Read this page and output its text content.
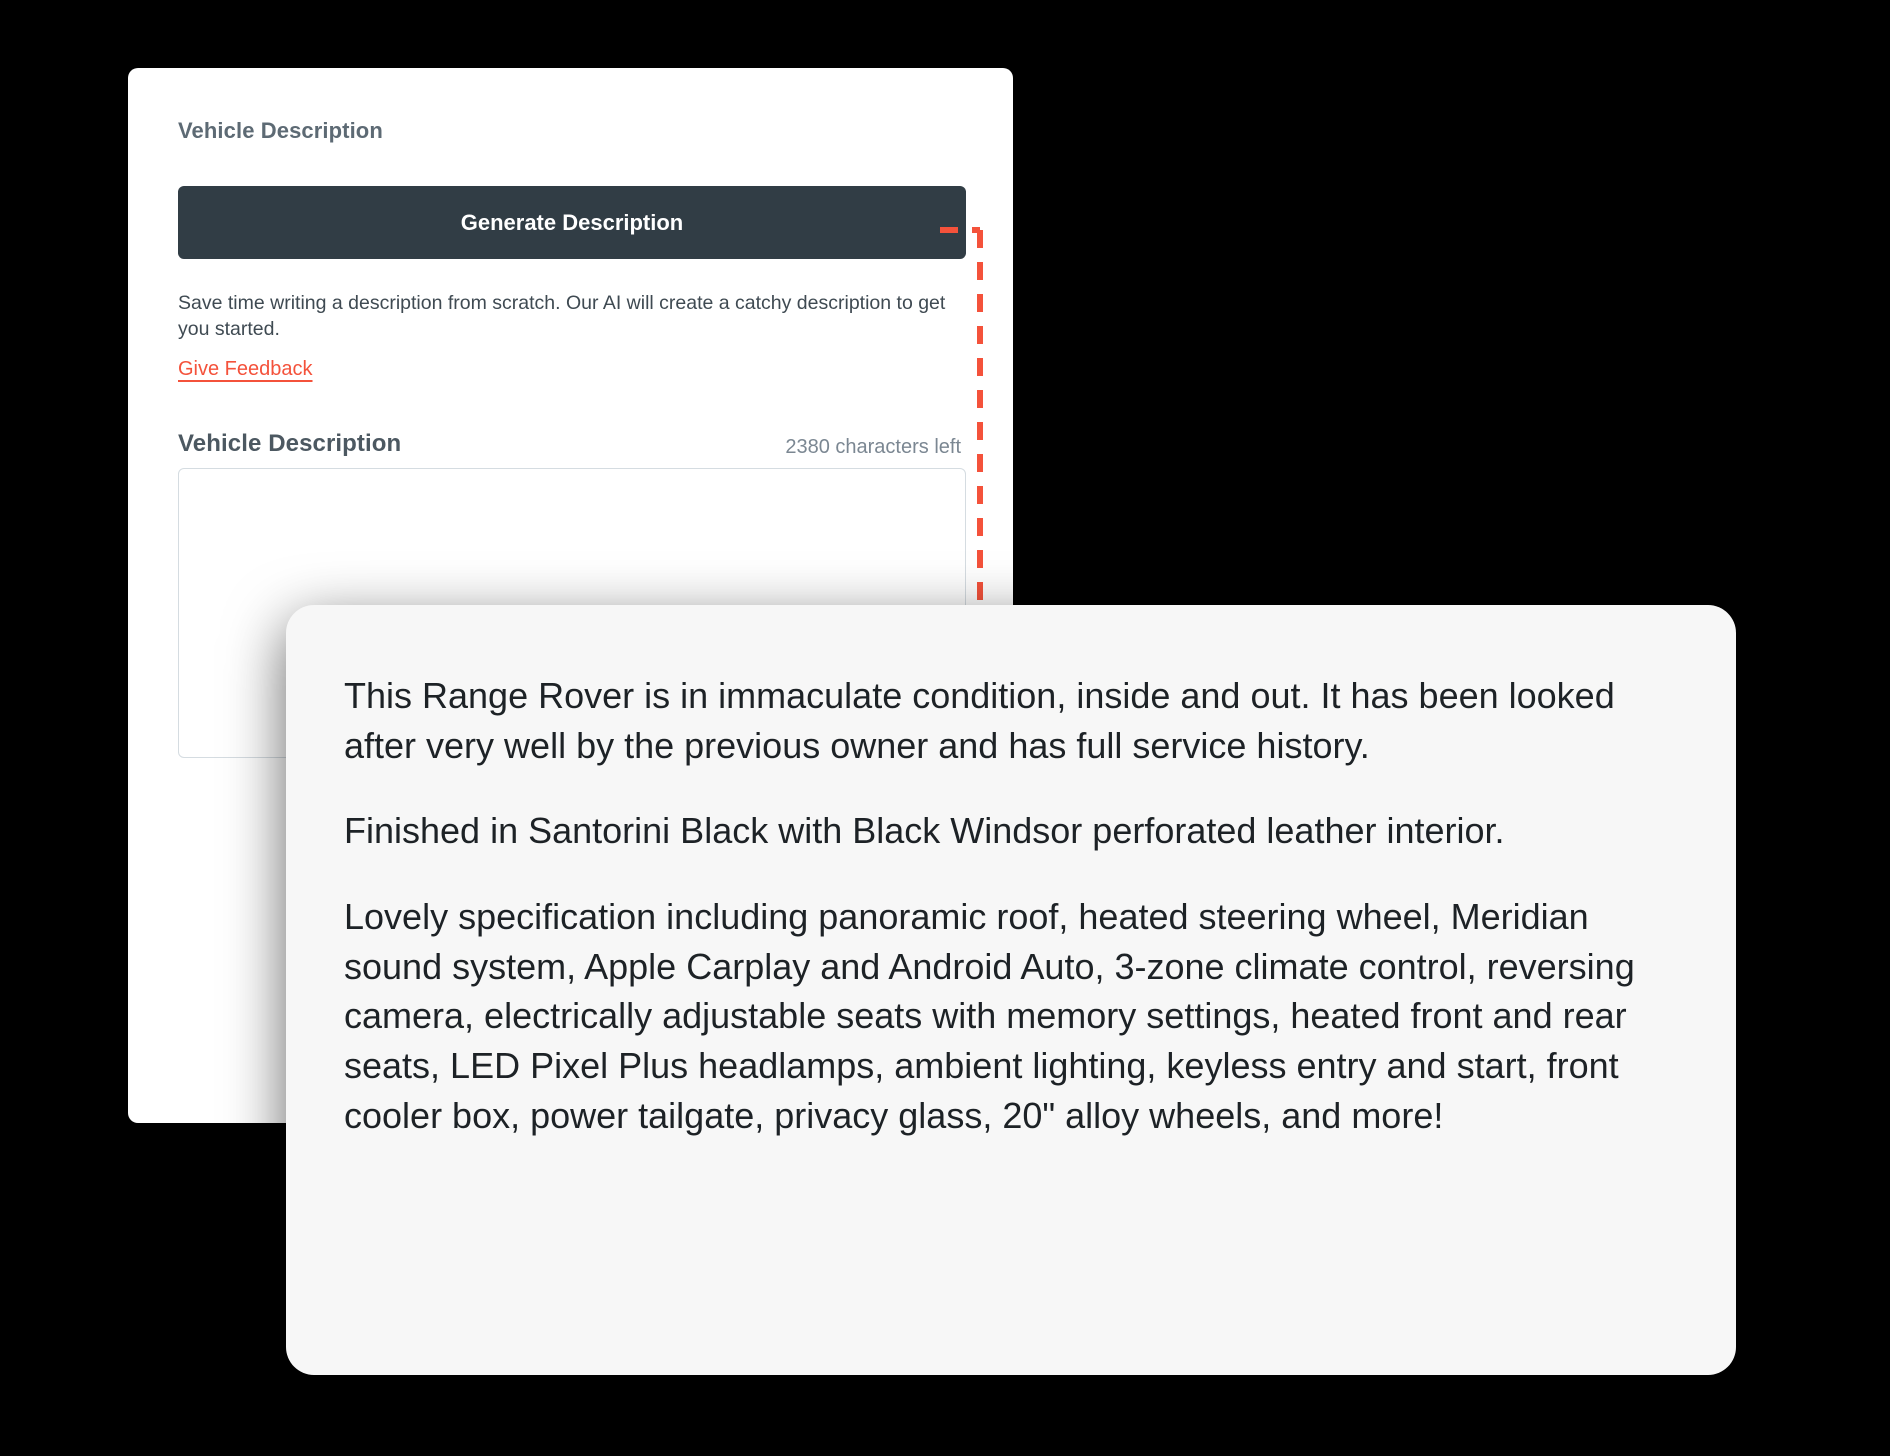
Vehicle Description
Generate Description
Save time writing a description from scratch. Our AI will create a catchy description to get you started.
Give Feedback
Vehicle Description	2380 characters left

This Range Rover is in immaculate condition, inside and out. It has been looked after very well by the previous owner and has full service history.

Finished in Santorini Black with Black Windsor perforated leather interior.

Lovely specification including panoramic roof, heated steering wheel, Meridian sound system, Apple Carplay and Android Auto, 3-zone climate control, reversing camera, electrically adjustable seats with memory settings, heated front and rear seats, LED Pixel Plus headlamps, ambient lighting, keyless entry and start, front cooler box, power tailgate, privacy glass, 20" alloy wheels, and more!
